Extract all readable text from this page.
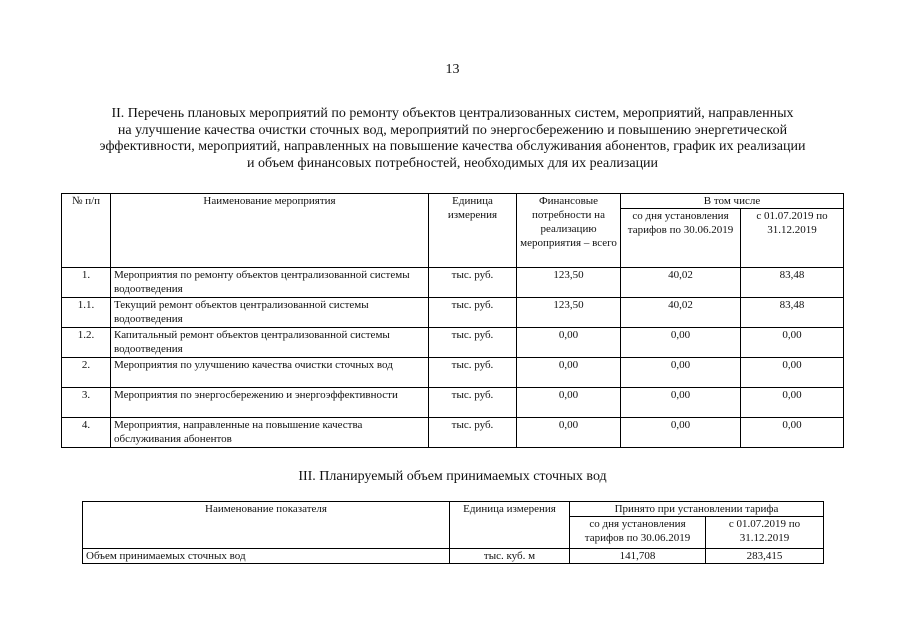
13
II. Перечень плановых мероприятий по ремонту объектов централизованных систем, мероприятий, направленных
на улучшение качества очистки сточных вод, мероприятий по энергосбережению и повышению энергетической
эффективности, мероприятий, направленных на повышение качества обслуживания абонентов, график их реализации
и объем финансовых потребностей, необходимых для их реализации
№ п/п	Наименование мероприятия	Единица измерения	Финансовые потребности на реализацию мероприятия – всего	В том числе	
				со дня установления тарифов по 30.06.2019	с 01.07.2019 по 31.12.2019
1.	Мероприятия по ремонту объектов централизованной системы водоотведения	тыс. руб.	123,50	40,02	83,48
1.1.	Текущий ремонт объектов централизованной системы водоотведения	тыс. руб.	123,50	40,02	83,48
1.2.	Капитальный ремонт объектов централизованной системы водоотведения	тыс. руб.	0,00	0,00	0,00
2.	Мероприятия по улучшению качества очистки сточных вод	тыс. руб.	0,00	0,00	0,00
3.	Мероприятия по энергосбережению и энергоэффективности	тыс. руб.	0,00	0,00	0,00
4.	Мероприятия, направленные на повышение качества обслуживания абонентов	тыс. руб.	0,00	0,00	0,00
III. Планируемый объем принимаемых сточных вод
Наименование показателя	Единица измерения	Принято при установлении тарифа	
		со дня установления тарифов по 30.06.2019	с 01.07.2019 по 31.12.2019
Объем принимаемых сточных вод	тыс. куб. м	141,708	283,415
